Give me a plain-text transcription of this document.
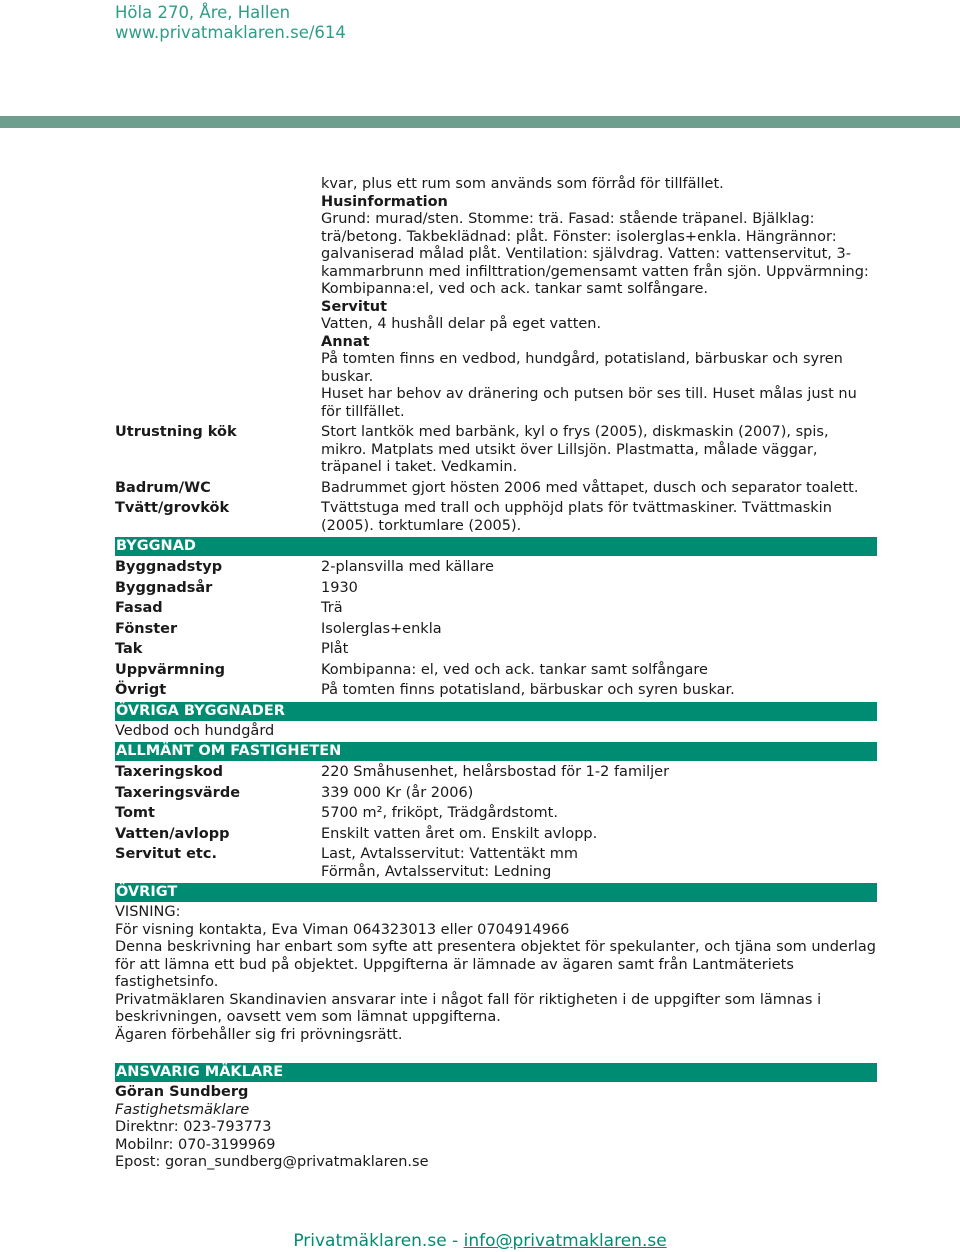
Höla 270, Åre, Hallen
www.privatmaklaren.se/614
kvar, plus ett rum som används som förråd för tillfället.
Husinformation
Grund: murad/sten. Stomme: trä. Fasad: stående träpanel. Bjälklag: trä/betong. Takbeklädnad: plåt. Fönster: isolerglas+enkla. Hängrännor: galvaniserad målad plåt. Ventilation: självdrag. Vatten: vattenservitut, 3-kammarbrunn med infilttration/gemensamt vatten från sjön. Uppvärmning: Kombipanna:el, ved och ack. tankar samt solfångare.
Servitut
Vatten, 4 hushåll delar på eget vatten.
Annat
På tomten finns en vedbod, hundgård, potatisland, bärbuskar och syren buskar.
Huset har behov av dränering och putsen bör ses till. Huset målas just nu för tillfället.
Utrustning kök	Stort lantkök med barbänk, kyl o frys (2005), diskmaskin (2007), spis, mikro. Matplats med utsikt över Lillsjön. Plastmatta, målade väggar, träpanel i taket. Vedkamin.
Badrum/WC	Badrummet gjort hösten 2006 med våttapet, dusch och separator toalett.
Tvätt/grovkök	Tvättstuga med trall och upphöjd plats för tvättmaskiner. Tvättmaskin (2005). torktumlare (2005).
BYGGNAD
Byggnadstyp	2-plansvilla med källare
Byggnadsår	1930
Fasad	Trä
Fönster	Isolerglas+enkla
Tak	Plåt
Uppvärmning	Kombipanna: el, ved och ack. tankar samt solfångare
Övrigt	På tomten finns potatisland, bärbuskar och syren buskar.
ÖVRIGA BYGGNADER
Vedbod och hundgård
ALLMÄNT OM FASTIGHETEN
Taxeringskod	220 Småhusenhet, helårsbostad för 1-2 familjer
Taxeringsvärde	339 000 Kr (år 2006)
Tomt	5700 m², friköpt, Trädgårdstomt.
Vatten/avlopp	Enskilt vatten året om. Enskilt avlopp.
Servitut etc.	Last, Avtalsservitut: Vattentäkt mm
Förmån, Avtalsservitut: Ledning
ÖVRIGT
VISNING:
För visning kontakta, Eva Viman 064323013 eller 0704914966
Denna beskrivning har enbart som syfte att presentera objektet för spekulanter, och tjäna som underlag för att lämna ett bud på objektet. Uppgifterna är lämnade av ägaren samt från Lantmäteriets fastighetsinfo.
Privatmäklaren Skandinavien ansvarar inte i något fall för riktigheten i de uppgifter som lämnas i beskrivningen, oavsett vem som lämnat uppgifterna.
Ägaren förbehåller sig fri prövningsrätt.
ANSVARIG MÄKLARE
Göran Sundberg
Fastighetsmäklare
Direktnr: 023-793773
Mobilnr: 070-3199969
Epost: goran_sundberg@privatmaklaren.se
Privatmäklaren.se - info@privatmaklaren.se
